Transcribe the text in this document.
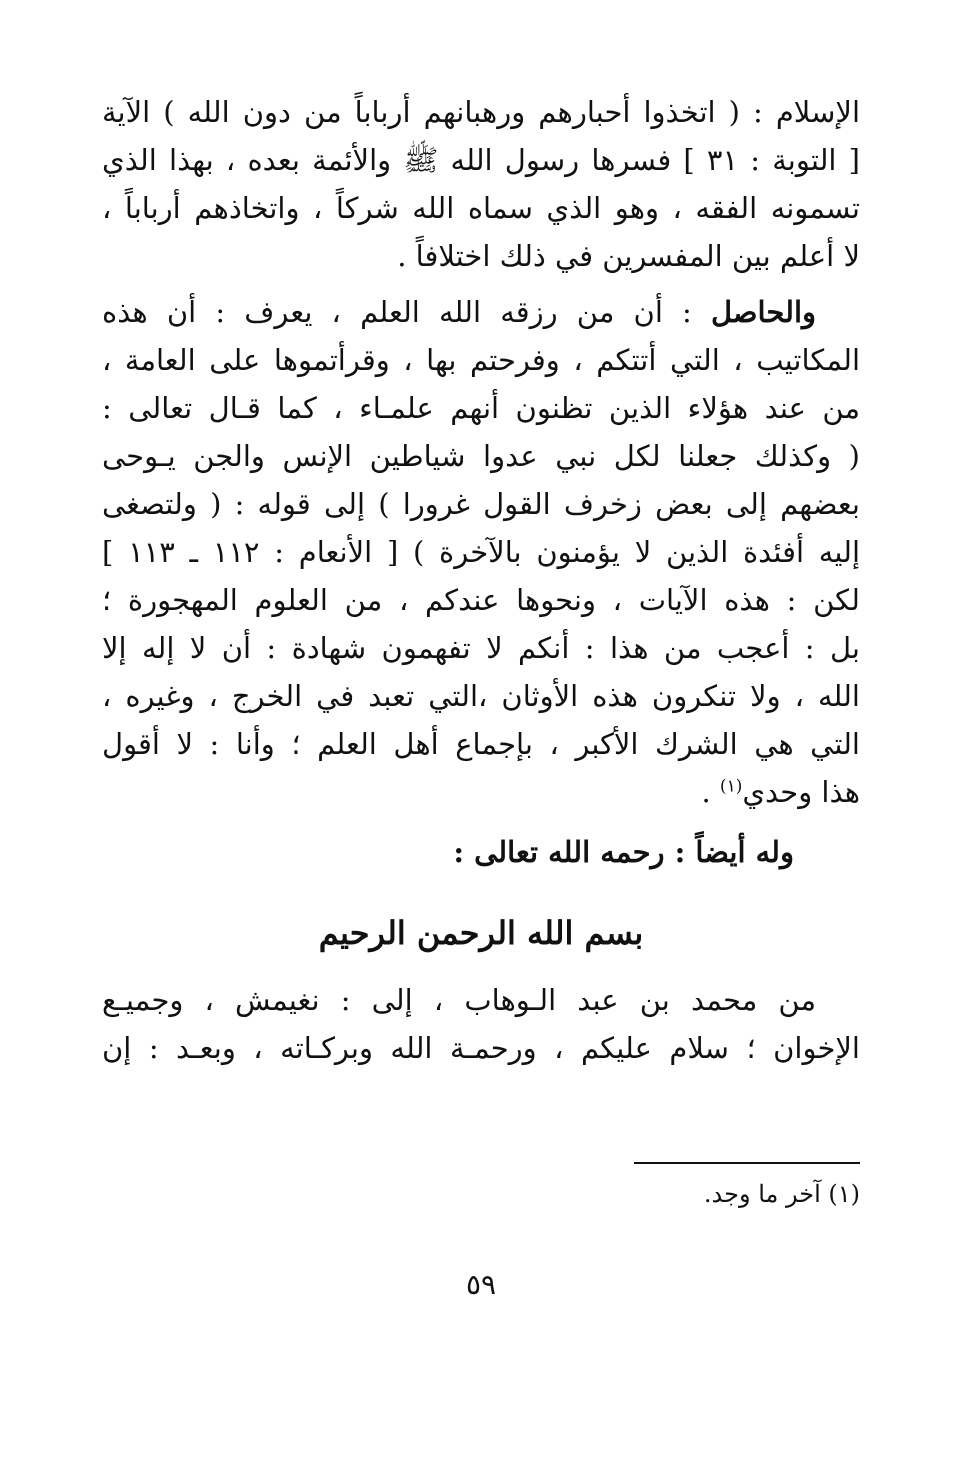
الإسلام : ( اتخذوا أحبارهم ورهبانهم أرباباً من دون الله ) الآية
[ التوبة : ٣١ ] فسرها رسول الله ﷺ والأئمة بعده ، بهذا الذي
تسمونه الفقه ، وهو الذي سماه الله شركاً ، واتخاذهم أرباباً ،
لا أعلم بين المفسرين في ذلك اختلافاً .
والحاصل : أن من رزقه الله العلم ، يعرف : أن هذه
المكاتيب ، التي أتتكم ، وفرحتم بها ، وقرأتموها على العامة ،
من عند هؤلاء الذين تظنون أنهم علمـاء ، كما قـال تعالى :
( وكذلك جعلنا لكل نبي عدوا شياطين الإنس والجن يـوحى
بعضهم إلى بعض زخرف القول غرورا ) إلى قوله : ( ولتصغى
إليه أفئدة الذين لا يؤمنون بالآخرة ) [ الأنعام : ١١٢ ـ ١١٣ ]
لكن : هذه الآيات ، ونحوها عندكم ، من العلوم المهجورة ؛
بل : أعجب من هذا : أنكم لا تفهمون شهادة : أن لا إله إلا
الله ، ولا تنكرون هذه الأوثان ،التي تعبد في الخرج ، وغيره ،
التي هي الشرك الأكبر ، بإجماع أهل العلم ؛ وأنا : لا أقول
هذا وحدي$^{(١)}$ .
وله أيضاً : رحمه الله تعالى :
بسم الله الرحمن الرحيم
من محمد بن عبد الـوهاب ، إلى : نغيمش ، وجميـع
الإخوان ؛ سلام عليكم ، ورحمـة الله وبركـاته ، وبعـد : إن
(١) آخر ما وجد.
٥٩
